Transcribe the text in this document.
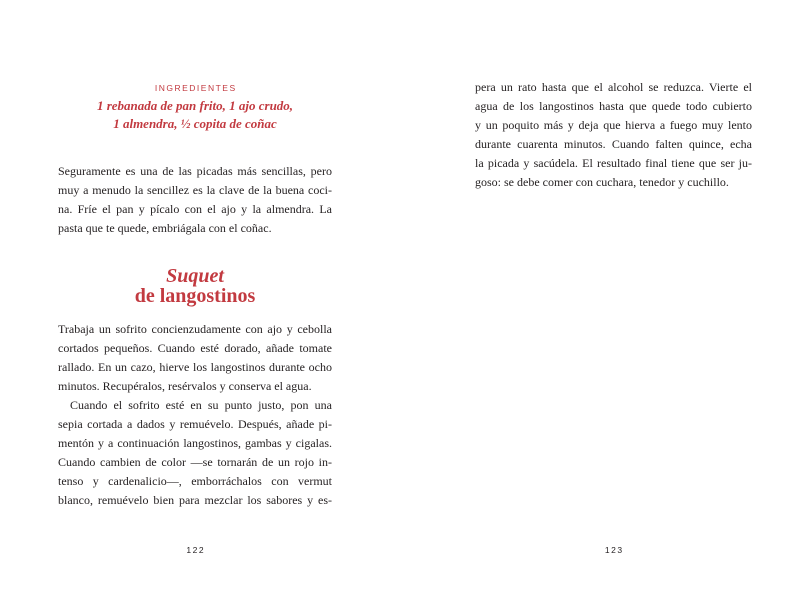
INGREDIENTES
1 rebanada de pan frito, 1 ajo crudo,
1 almendra, ½ copita de coñac
Seguramente es una de las picadas más sencillas, pero
muy a menudo la sencillez es la clave de la buena coci-
na. Fríe el pan y pícalo con el ajo y la almendra. La
pasta que te quede, embriágala con el coñac.
Suquet
de langostinos
Trabaja un sofrito concienzudamente con ajo y cebolla
cortados pequeños. Cuando esté dorado, añade tomate
rallado. En un cazo, hierve los langostinos durante ocho
minutos. Recupéralos, resérvalos y conserva el agua.
Cuando el sofrito esté en su punto justo, pon una
sepia cortada a dados y remuévelo. Después, añade pi-
mentón y a continuación langostinos, gambas y cigalas.
Cuando cambien de color —se tornarán de un rojo in-
tenso y cardenalicio—, emborráchalos con vermut
blanco, remuévelo bien para mezclar los sabores y es-
122
pera un rato hasta que el alcohol se reduzca. Vierte el
agua de los langostinos hasta que quede todo cubierto
y un poquito más y deja que hierva a fuego muy lento
durante cuarenta minutos. Cuando falten quince, echa
la picada y sacúdela. El resultado final tiene que ser ju-
goso: se debe comer con cuchara, tenedor y cuchillo.
123
